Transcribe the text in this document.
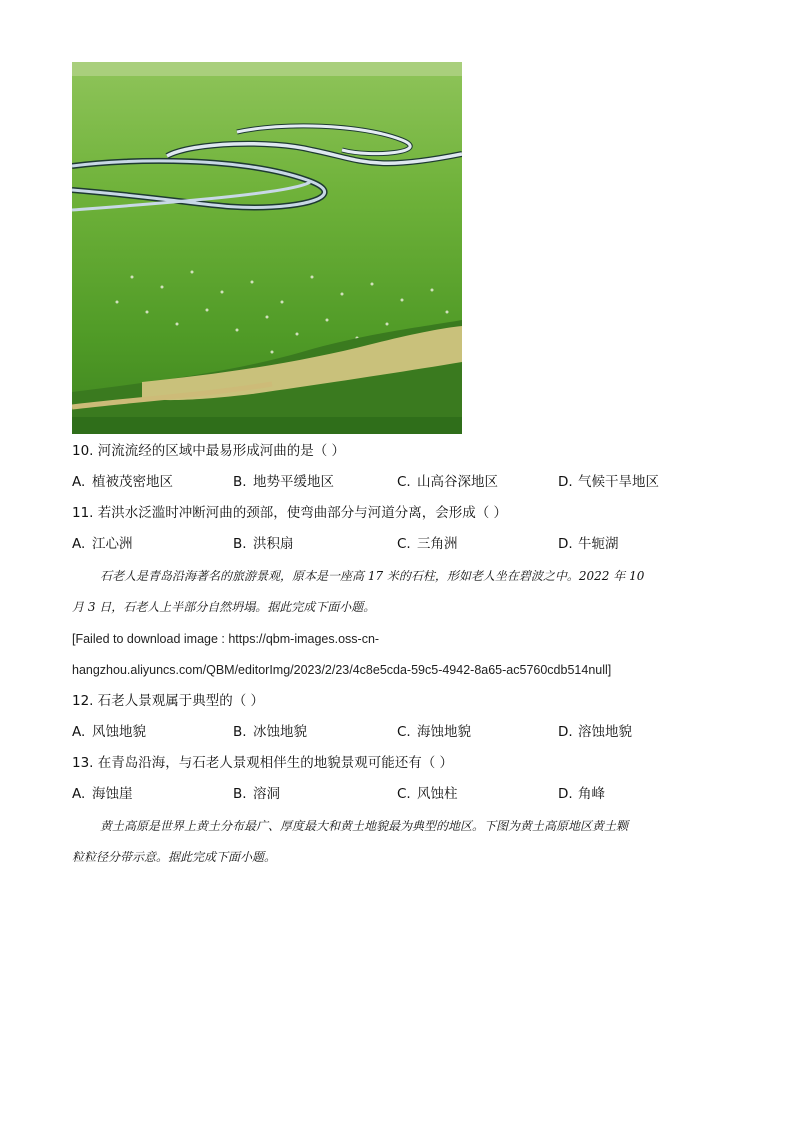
10. 河流流经的区域中最易形成河曲的是（ ）
A. 植被茂密地区	B. 地势平缓地区	C. 山高谷深地区	D. 气候干旱地区
11. 若洪水泛滥时冲断河曲的颈部，使弯曲部分与河道分离，会形成（ ）
A. 江心洲	B. 洪积扇	C. 三角洲	D. 牛轭湖
石老人是青岛沿海著名的旅游景观，原本是一座高 17 米的石柱，形如老人坐在碧波之中。2022 年 10
月 3 日，石老人上半部分自然坍塌。据此完成下面小题。
[Failed to download image : https://qbm-images.oss-cn-
hangzhou.aliyuncs.com/QBM/editorImg/2023/2/23/4c8e5cda-59c5-4942-8a65-ac5760cdb514null]
12. 石老人景观属于典型的（ ）
A. 风蚀地貌	B. 冰蚀地貌	C. 海蚀地貌	D. 溶蚀地貌
13. 在青岛沿海，与石老人景观相伴生的地貌景观可能还有（ ）
A. 海蚀崖	B. 溶洞	C. 风蚀柱	D. 角峰
黄土高原是世界上黄土分布最广、厚度最大和黄土地貌最为典型的地区。下图为黄土高原地区黄土颗
粒粒径分带示意。据此完成下面小题。
